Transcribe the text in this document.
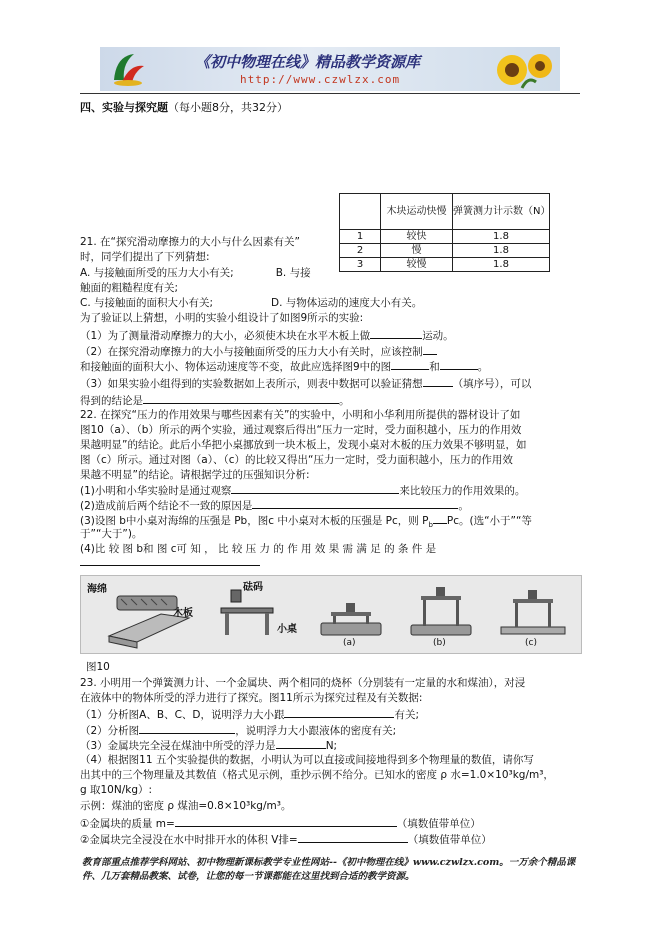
《初中物理在线》精品教学资源库
http://www.czwlzx.com
四、实验与探究题（每小题8分，共32分）
	木块运动快慢	弹簧测力计示数（N）
1	较快	1.8
2	慢	1.8
3	较慢	1.8
21. 在“探究滑动摩擦力的大小与什么因素有关”
时，同学们提出了下列猜想:
A. 与接触面所受的压力大小有关;	B. 与接
触面的粗糙程度有关;
C. 与接触面的面积大小有关;	D. 与物体运动的速度大小有关。
为了验证以上猜想，小明的实验小组设计了如图9所示的实验:
（1）为了测量滑动摩擦力的大小，必须使木块在水平木板上做	运动。
（2）在探究滑动摩擦力的大小与接触面所受的压力大小有关时，应该控制
和接触面的面积大小、物体运动速度等不变，故此应选择图9中的图	和	。
（3）如果实验小组得到的实验数据如上表所示，则表中数据可以验证猜想	（填序号），可以
得到的结论是	。
22. 在探究“压力的作用效果与哪些因素有关”的实验中，小明和小华利用所提供的器材设计了如
图10（a）、（b）所示的两个实验，通过观察后得出“压力一定时，受力面积越小，压力的作用效
果越明显”的结论。此后小华把小桌挪放到一块木板上，发现小桌对木板的压力效果不够明显，如
图（c）所示。通过对图（a）、（c）的比较又得出“压力一定时，受力面积越小，压力的作用效
果越不明显”的结论。请根据学过的压强知识分析:
(1)小明和小华实验时是通过观察	来比较压力的作用效果的。
(2)造成前后两个结论不一致的原因是	。
(3)设图 b中小桌对海绵的压强是 Pb，图c 中小桌对木板的压强是 Pc，则 $P_b$ Pc。(选“小于”“等
于”“大于”)。
(4)比 较 图 b和 图 c可 知 ， 比 较 压 力 的 作 用 效 果 需 满 足 的 条 件 是
海绵	砝码
木板
小桌
(a)	(b)	(c)
图10
23. 小明用一个弹簧测力计、一个金属块、两个相同的烧杯（分别装有一定量的水和煤油），对浸
在液体中的物体所受的浮力进行了探究。图11所示为探究过程及有关数据:
（1）分析图A、B、C、D，说明浮力大小跟	有关;
（2）分析图	，说明浮力大小跟液体的密度有关;
（3）金属块完全浸在煤油中所受的浮力是	N;
（4）根据图11 五个实验提供的数据，小明认为可以直接或间接地得到多个物理量的数值，请你写
出其中的三个物理量及其数值（格式见示例，重抄示例不给分。已知水的密度 ρ 水=1.0×10³kg/m³，
g 取10N/kg）:
示例：煤油的密度 ρ 煤油=0.8×10³kg/m³。
①金属块的质量 m=	（填数值带单位）
②金属块完全浸没在水中时排开水的体积 V排=	（填数值带单位）
教育部重点推荐学科网站、初中物理新课标教学专业性网站--《初中物理在线》www.czwlzx.com。一万余个精品课
件、几万套精品教案、试卷，让您的每一节课都能在这里找到合适的教学资源。
